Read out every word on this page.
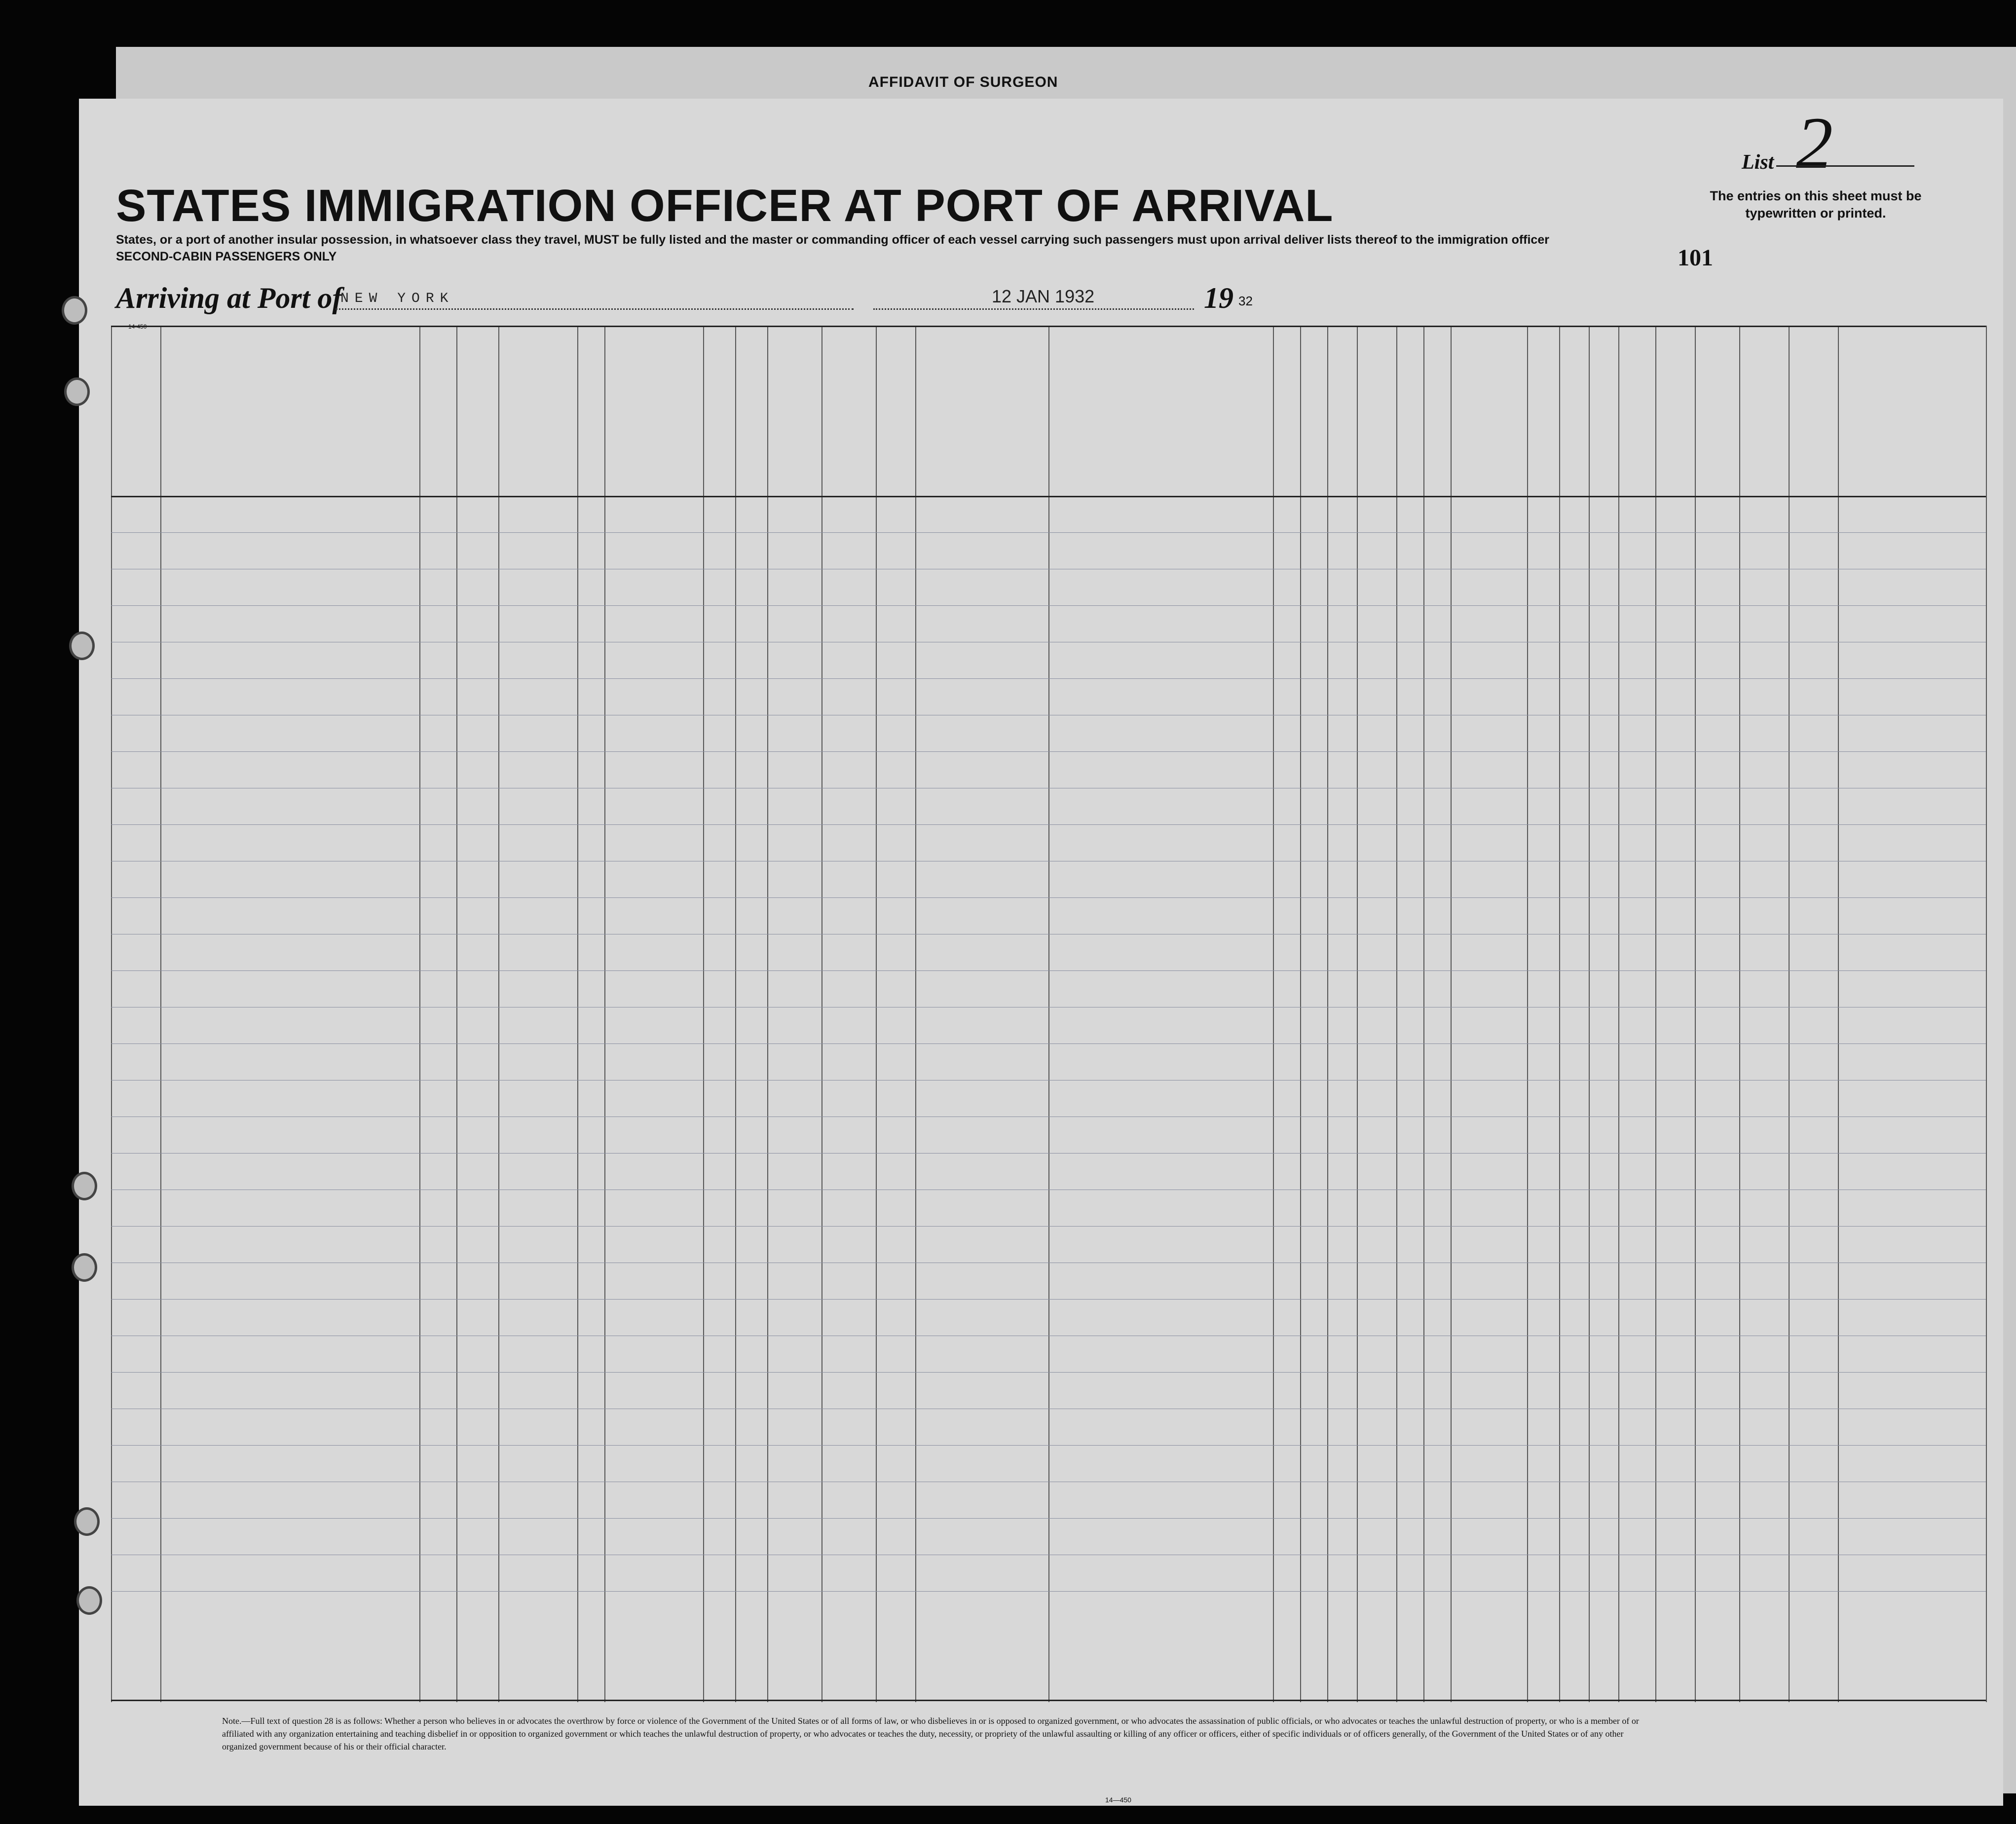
AFFIDAVIT OF SURGEON
List 2
STATES IMMIGRATION OFFICER AT PORT OF ARRIVAL	The entries on this sheet must be typewritten or printed.
States, or a port of another insular possession, in whatsoever class they travel, MUST be fully listed and the master or commanding officer of each vessel carrying such passengers must upon arrival deliver lists thereof to the immigration officer
SECOND-CABIN PASSENGERS ONLY	101
Arriving at Port of
NEW YORK	12 JAN 1932	19 32
14-450
Note.—Full text of question 28 is as follows: Whether a person who believes in or advocates the overthrow by force or violence of the Government of the United States or of all forms of law, or who disbelieves in or is opposed to organized government, or who advocates the assassination of public officials, or who advocates or teaches the unlawful destruction of property, or who is a member of or affiliated with any organization entertaining and teaching disbelief in or opposition to organized government or which teaches the unlawful destruction of property, or who advocates or teaches the duty, necessity, or propriety of the unlawful assaulting or killing of any officer or officers, either of specific individuals or of officers generally, of the Government of the United States or of any other organized government because of his or their official character.
14—450
